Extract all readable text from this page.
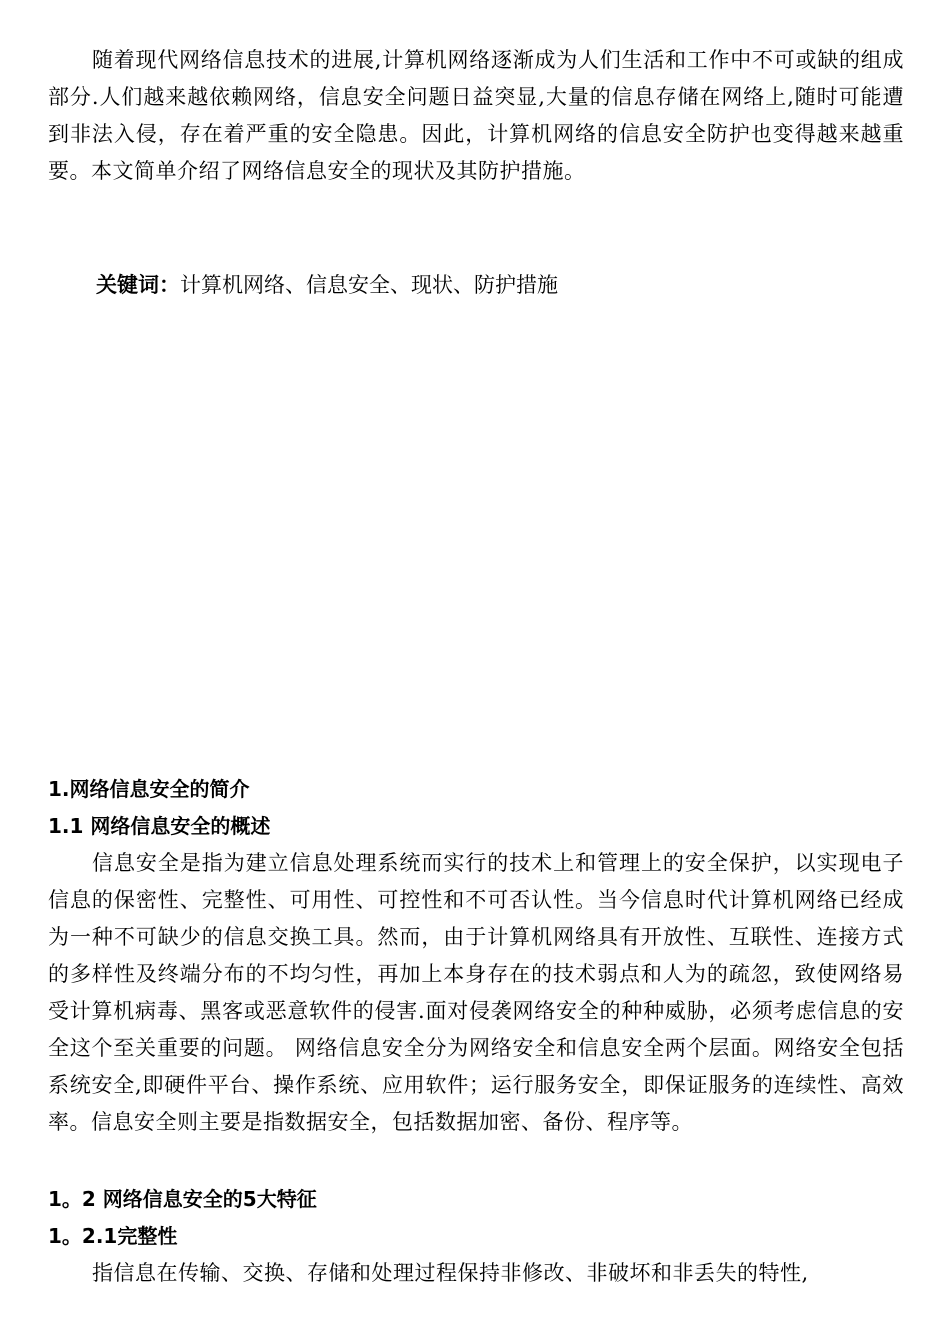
随着现代网络信息技术的进展,计算机网络逐渐成为人们生活和工作中不可或缺的组成部分.人们越来越依赖网络，信息安全问题日益突显,大量的信息存储在网络上,随时可能遭到非法入侵，存在着严重的安全隐患。因此，计算机网络的信息安全防护也变得越来越重要。本文简单介绍了网络信息安全的现状及其防护措施。

关键词：计算机网络、信息安全、现状、防护措施

1.网络信息安全的简介
1.1 网络信息安全的概述

信息安全是指为建立信息处理系统而实行的技术上和管理上的安全保护，以实现电子信息的保密性、完整性、可用性、可控性和不可否认性。当今信息时代计算机网络已经成为一种不可缺少的信息交换工具。然而，由于计算机网络具有开放性、互联性、连接方式的多样性及终端分布的不均匀性，再加上本身存在的技术弱点和人为的疏忽，致使网络易受计算机病毒、黑客或恶意软件的侵害.面对侵袭网络安全的种种威胁，必须考虑信息的安全这个至关重要的问题。 网络信息安全分为网络安全和信息安全两个层面。网络安全包括系统安全,即硬件平台、操作系统、应用软件；运行服务安全，即保证服务的连续性、高效率。信息安全则主要是指数据安全，包括数据加密、备份、程序等。

1。2 网络信息安全的5大特征
1。2.1完整性

指信息在传输、交换、存储和处理过程保持非修改、非破坏和非丢失的特性,
